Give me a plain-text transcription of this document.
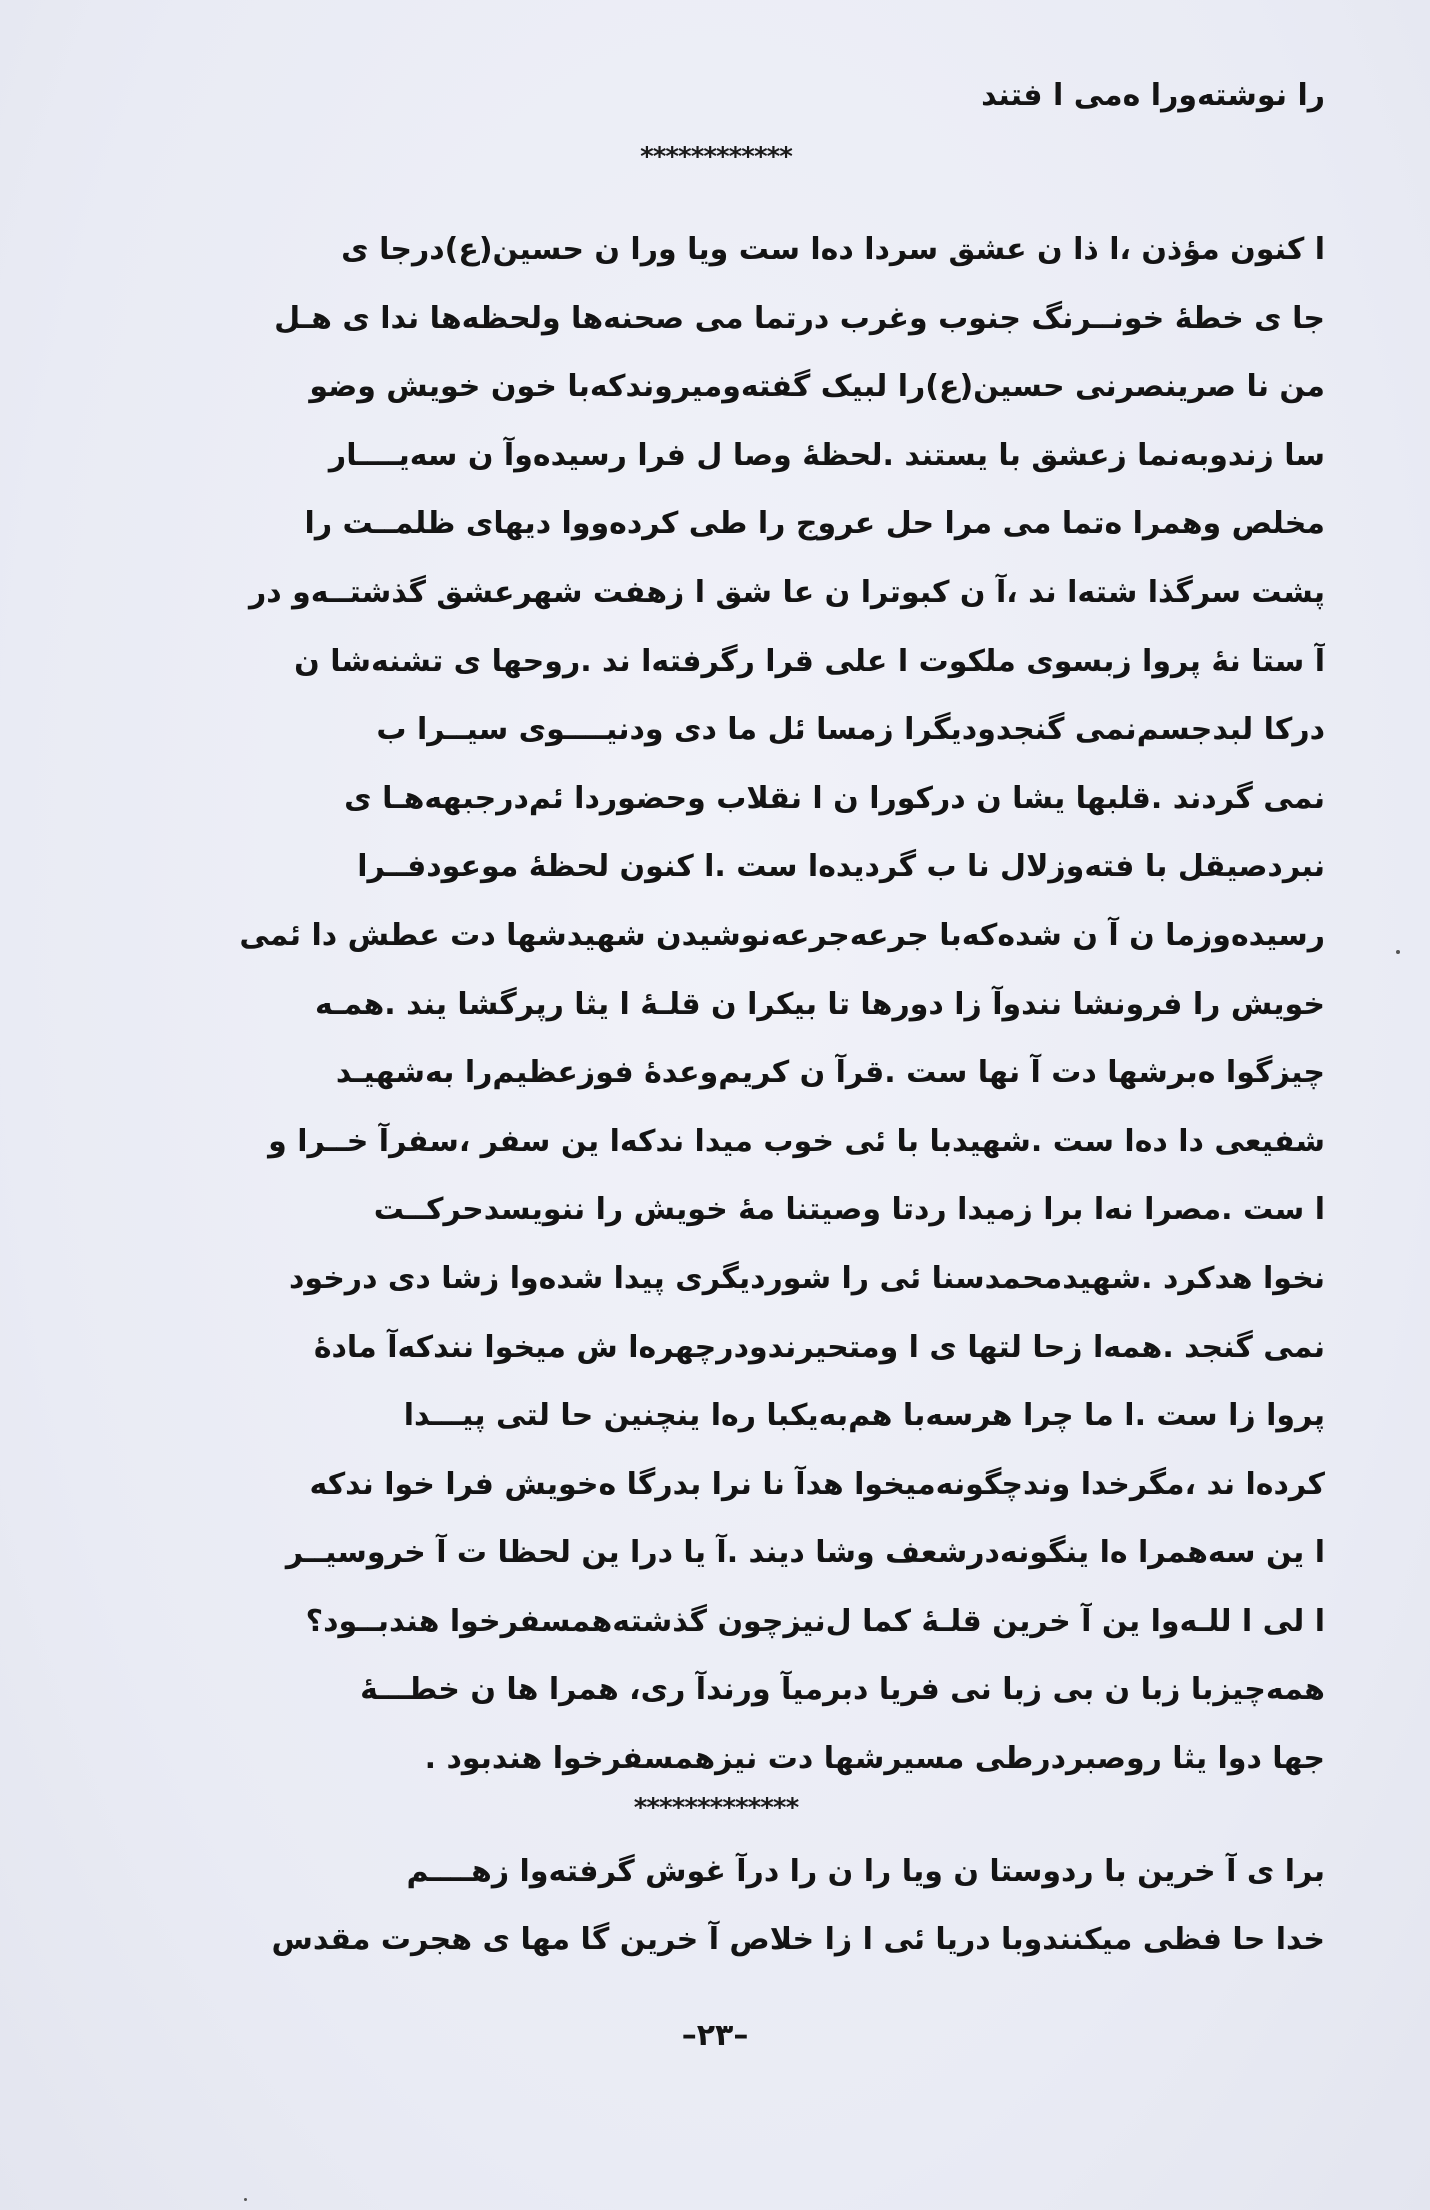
را نوشته‌ورا ه‌می ا فتند
************
ا کنون مؤذن ،ا ذا ن عشق سردا ده‌ا ست ویا ورا ن حسین(ع)درجا ی
جا ی خطهٔ خونــرنگ جنوب وغرب درتما می صحنه‌ها ولحظه‌ها ندا ی هـل
من نا صرینصرنی حسین(ع)را لبیک گفته‌ومیروندکه‌با خون خویش وضو
سا زندوبه‌نما زعشق با یستند .لحظهٔ وصا ل فرا رسیده‌وآ ن سه‌یــــار
مخلص وهمرا ه‌تما می مرا حل عروج را طی کرده‌ووا دیهای ظلمــت را
پشت سرگذا شته‌ا ند ،آ ن کبوترا ن عا شق ا زهفت شهرعشق گذشتــه‌و در
آ ستا نهٔ پروا زبسوی ملکوت ا علی قرا رگرفته‌ا ند .روحها ی تشنه‌شا ن
درکا لبدجسم‌نمی گنجدودیگرا زمسا ئل ما دی ودنیــــوی سیــرا ب
نمی گردند .قلبها یشا ن درکورا ن ا نقلاب وحضوردا ئم‌درجبهه‌هـا ی
نبردصیقل با فته‌وزلال نا ب گردیده‌ا ست .ا کنون لحظهٔ موعودفــرا
رسیده‌وزما ن آ ن شده‌که‌با جرعه‌جرعه‌نوشیدن شهیدشها دت عطش دا ئمی
خویش را فرونشا نندوآ زا دورها تا بیکرا ن قلـهٔ ا یثا رپرگشا یند .همـه
چیزگوا ه‌برشها دت آ نها ست .قرآ ن کریم‌وعدهٔ فوزعظیم‌را به‌شهیـد
شفیعی دا ده‌ا ست .شهیدبا با ئی خوب میدا ندکه‌ا ین سفر ،سفرآ خــرا و
ا ست .مصرا نه‌ا برا زمیدا ردتا وصیتنا مهٔ خویش را ننویسدحرکــت
نخوا هدکرد .شهیدمحمدسنا ئی را شوردیگری پیدا شده‌وا زشا دی درخود
نمی گنجد .همه‌ا زحا لتها ی ا ومتحیرندودرچهره‌ا ش میخوا نندکه‌آ ماده‌ٔ
پروا زا ست .ا ما چرا هرسه‌با هم‌به‌یکبا ره‌ا ینچنین حا لتی پیـــدا
کرده‌ا ند ،مگرخدا وندچگونه‌میخوا هدآ نا نرا بدرگا ه‌خویش فرا خوا ندکه
ا ین سه‌همرا ه‌ا ینگونه‌درشعف وشا دیند .آ یا درا ین لحظا ت آ خروسیــر
ا لی ا للـه‌وا ین آ خرین قلـهٔ کما ل‌نیزچون گذشته‌همسفرخوا هندبــود؟
همه‌چیزبا زبا ن بی زبا نی فریا دبرمیآ ورندآ ری، همرا ها ن خطـــهٔ
جها دوا یثا روصبردرطی مسیرشها دت نیزهمسفرخوا هندبود .
*************
برا ی آ خرین با ردوستا ن ویا را ن را درآ غوش گرفته‌وا زهــــم
خدا حا فظی میکنندوبا دریا ئی ا زا خلاص آ خرین گا مها ی هجرت مقدس
–۲۳–
